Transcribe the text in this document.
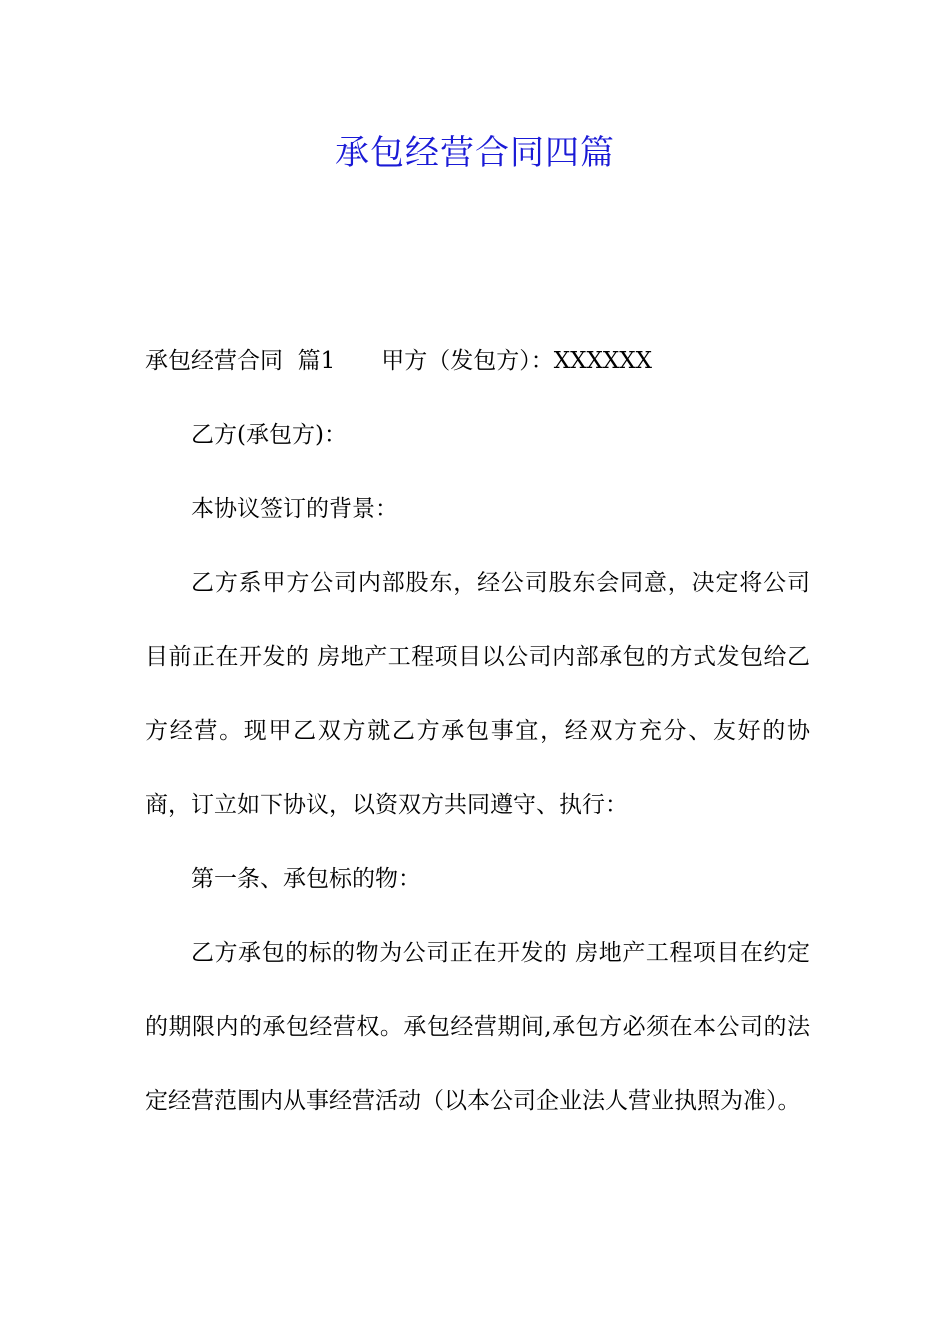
承包经营合同四篇

承包经营合同  篇1 甲方（发包方）：XXXXXX

乙方(承包方)：

本协议签订的背景：

乙方系甲方公司内部股东，经公司股东会同意，决定将公司目前正在开发的 房地产工程项目以公司内部承包的方式发包给乙方经营。现甲乙双方就乙方承包事宜，经双方充分、友好的协商，订立如下协议，以资双方共同遵守、执行：

第一条、承包标的物：

乙方承包的标的物为公司正在开发的 房地产工程项目在约定的期限内的承包经营权。承包经营期间,承包方必须在本公司的法定经营范围内从事经营活动（以本公司企业法人营业执照为准）。
